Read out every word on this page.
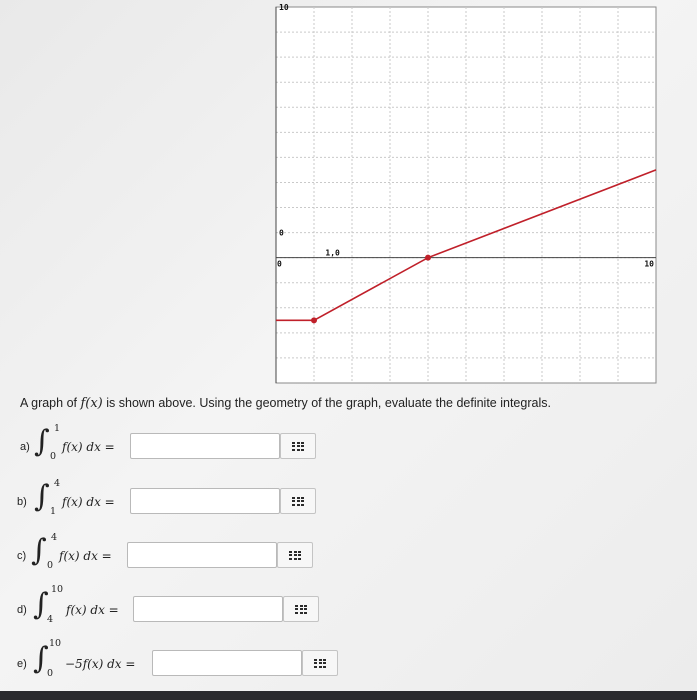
10
0
0
1,0
10
A graph of f(x) is shown above. Using the geometry of the graph, evaluate the definite integrals.
a) ∫ 1
0
f(x) dx =
b) ∫ 4
1
f(x) dx =
c) ∫ 4
0
f(x) dx =
d) ∫ 10
4
f(x) dx =
e) ∫ 10
0
−5f(x) dx =
